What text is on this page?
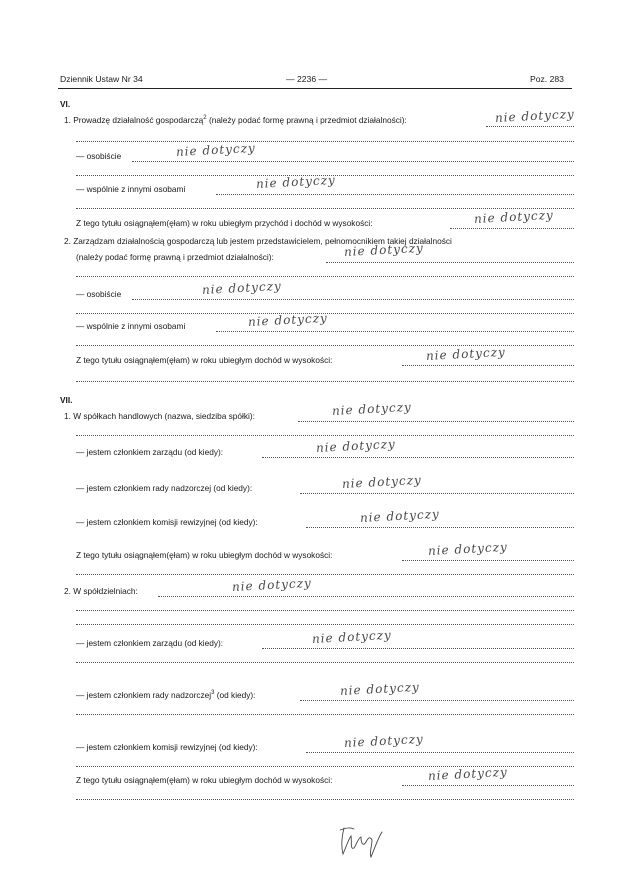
Dziennik Ustaw Nr 34	— 2236 —	Poz. 283
VI.
1. Prowadzę działalność gospodarczą$^2$ (należy podać formę prawną i przedmiot działalności):	nie dotyczy
— osobiście	nie dotyczy
— wspólnie z innymi osobami	nie dotyczy
Z tego tytułu osiągnąłem(ęłam) w roku ubiegłym przychód i dochód w wysokości:	nie dotyczy
2. Zarządzam działalnością gospodarczą lub jestem przedstawicielem, pełnomocnikiem takiej działalności
(należy podać formę prawną i przedmiot działalności):	nie dotyczy
— osobiście	nie dotyczy
— wspólnie z innymi osobami	nie dotyczy
Z tego tytułu osiągnąłem(ęłam) w roku ubiegłym dochód w wysokości:	nie dotyczy
VII.
1. W spółkach handlowych (nazwa, siedziba spółki):	nie dotyczy
— jestem członkiem zarządu (od kiedy):	nie dotyczy
— jestem członkiem rady nadzorczej (od kiedy):	nie dotyczy
— jestem członkiem komisji rewizyjnej (od kiedy):	nie dotyczy
Z tego tytułu osiągnąłem(ęłam) w roku ubiegłym dochód w wysokości:	nie dotyczy
2. W spółdzielniach:	nie dotyczy
— jestem członkiem zarządu (od kiedy):	nie dotyczy
— jestem członkiem rady nadzorczej$^3$ (od kiedy):	nie dotyczy
— jestem członkiem komisji rewizyjnej (od kiedy):	nie dotyczy
Z tego tytułu osiągnąłem(ęłam) w roku ubiegłym dochód w wysokości:	nie dotyczy
